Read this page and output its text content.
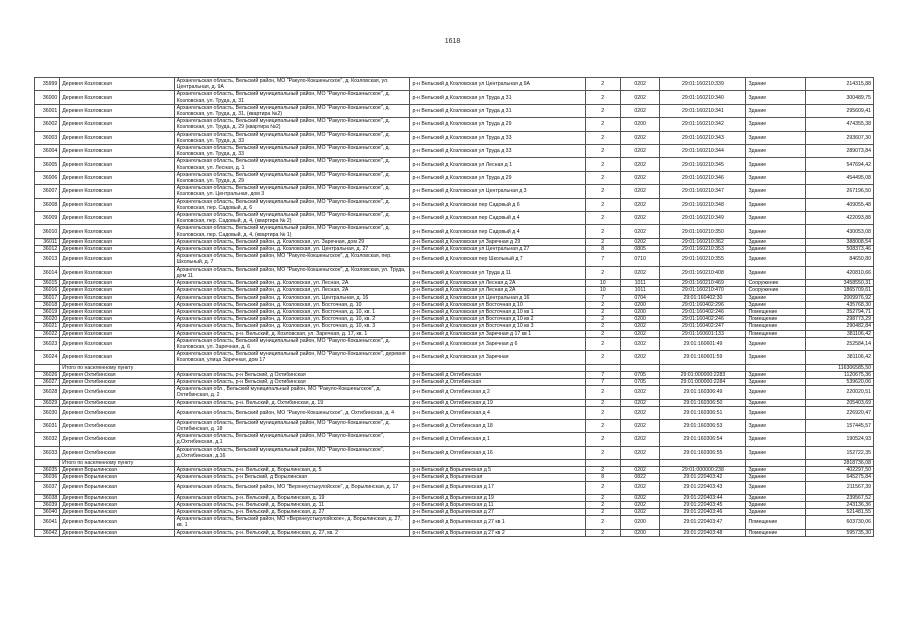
1618
35999	Деревня Козловская	Архангельская область, Вельский район, МО "Ракуло-Кокшеньгское", д. Козловская, ул. Центральная, д. 9А	р-н Вельский д Козловская ул Центральная д 9А	2	0202	29:01:160210:339	Здание	214315,88
36000	Деревня Козловская	Архангельская область, Вельский муниципальный район, МО "Ракуло-Кокшеньгское", д. Козловская, ул. Труда, д. 31	р-н Вельский д Козловская ул Труда д 31	2	0202	29:01:160210:340	Здание	300489,75
36001	Деревня Козловская	Архангельская область, Вельский муниципальный район, МО "Ракуло-Кокшеньгское", д. Козловская, ул. Труда, д. 31, (квартира №2)	р-н Вельский д Козловская ул Труда д 31	2	0202	29:01:160210:341	Здание	295609,41
36002	Деревня Козловская	Архангельская область, Вельский муниципальный район, МО "Ракуло-Кокшеньгское", д. Козловская, ул. Труда, д. 29 (квартира №2)	р-н Вельский д Козловская ул Труда д 29	2	0200	29:01:160210:342	Здание	474355,38
36003	Деревня Козловская	Архангельская область, Вельский муниципальный район, МО "Ракуло-Кокшеньгское", д. Козловская, ул. Труда, д. 33	р-н Вельский д Козловская ул Труда д 33	2	0202	29:01:160210:343	Здание	293607,30
36004	Деревня Козловская	Архангельская область, Вельский муниципальный район, МО "Ракуло-Кокшеньгское", д. Козловская, ул. Труда, д. 33	р-н Вельский д Козловская ул Труда д 33	2	0202	29:01:160210:344	Здание	289073,84
36005	Деревня Козловская	Архангельская область, Вельский муниципальный район, МО "Ракуло-Кокшеньгское", д. Козловская, ул. Лесная, д. 1	р-н Вельский д Козловская ул Лесная д 1	2	0202	29:01:160210:345	Здание	547694,42
36006	Деревня Козловская	Архангельская область, Вельский муниципальный район, МО "Ракуло-Кокшеньгское", д. Козловская, ул. Труда, д. 29	р-н Вельский д Козловская ул Труда д 29	2	0202	29:01:160210:346	Здание	454495,08
36007	Деревня Козловская	Архангельская область, Вельский муниципальный район, МО "Ракуло-Кокшеньгское", д. Козловская, ул. Центральная, дом 3	р-н Вельский д Козловская ул Центральная д 3	2	0202	29:01:160210:347	Здание	267196,50
36008	Деревня Козловская	Архангельская область, Вельский муниципальный район, МО "Ракуло-Кокшеньгское", д. Козловская, пер. Садовый, д. 6	р-н Вельский д Козловская пер Садовый д 6	2	0202	29:01:160210:348	Здание	409055,48
36009	Деревня Козловская	Архангельская область, Вельский муниципальный район, МО "Ракуло-Кокшеньгское", д. Козловская, пер. Садовый, д. 4, (квартира № 2)	р-н Вельский д Козловская пер Садовый д 4	2	0202	29:01:160210:349	Здание	422093,88
36010	Деревня Козловская	Архангельская область, Вельский муниципальный район, МО "Ракуло-Кокшеньгское", д. Козловская, пер. Садовый, д. 4, (квартира № 1)	р-н Вельский д Козловская пер Садовый д 4	2	0202	29:01:160210:350	Здание	430053,08
36011	Деревня Козловская	Архангельская область, Вельский район, д. Козловская, ул. Заречная, дом 29	р-н Вельский д Козловская ул Заречная д 29	2	0202	29:01:160210:362	Здание	388008,54
36012	Деревня Козловская	Архангельская область, Вельский район, д. Козловская, ул. Центральная, д. 27	р-н Вельский д Козловская ул Центральная д 27	8	0805	29:01:160210:353	Здание	508373,46
36013	Деревня Козловская	Архангельская область, Вельский район, МО "Ракуло-Кокшеньгское", д. Козловская, пер. Школьный, д. 7	р-н Вельский д Козловская пер Школьный д 7	7	0710	29:01:160210:355	Здание	84650,80
36014	Деревня Козловская	Архангельская область, Вельский район, МО "Ракуло-Кокшеньгское", д. Козловская, ул. Труда, дом 11	р-н Вельский д Козловская ул Труда д 11	2	0202	29:01:160210:408	Здание	420810,66
36015	Деревня Козловская	Архангельская область, Вельский район, д. Козловская, ул. Лесная, 2А	р-н Вельский д Козловская ул Лесная д 2А	10	1011	29:01:160210:469	Сооружение	3458550,31
36016	Деревня Козловская	Архангельская область, Вельский район, д. Козловская, ул. Лесная, 2А	р-н Вельский д Козловская ул Лесная д 2А	10	1011	29:01:160210:470	Сооружение	1865709,61
36017	Деревня Козловская	Архангельская область, Вельский район, д. Козловская, ул. Центральная, д. 16	р-н Вельский д Козловская ул Центральная д 16	7	0704	29:01:160402:30	Здание	2009976,92
36018	Деревня Козловская	Архангельская область, Вельский район, д. Козловская, ул. Восточная, д. 10	р-н Вельский д Козловская ул Восточная д 10	2	0200	29:01:160402:296	Здание	435768,30
36019	Деревня Козловская	Архангельская область, Вельский район, д. Козловская, ул. Восточная, д. 10, кв. 1	р-н Вельский д Козловская ул Восточная д 10 кв 1	2	0200	29:01:160402:246	Помещение	352794,71
36020	Деревня Козловская	Архангельская область, Вельский район, д. Козловская, ул. Восточная, д. 10, кв. 2	р-н Вельский д Козловская ул Восточная д 10 кв 2	2	0200	29:01:160402:246	Помещение	298773,29
36021	Деревня Козловская	Архангельская область, Вельский район, д. Козловская, ул. Восточная, д. 10, кв. 3	р-н Вельский д Козловская ул Восточная д 10 кв 3	2	0202	29:01:160402:247	Помещение	290482,84
36022	Деревня Козловская	Архангельская область, р-н. Вельский, д. Козловская, ул. Заречная, д. 17, кв. 1	р-н Вельский д Козловская ул Заречная д 17 кв 1	2	0202	29:01:160601:133	Помещение	381106,42
36023	Деревня Козловская	Архангельская область, Вельский муниципальный район, МО "Ракуло-Кокшеньгское", д. Козловская, ул. Заречная, д. 6	р-н Вельский д Козловская ул Заречная д 6	2	0202	29:01:160601:49	Здание	252584,14
36024	Деревня Козловская	Архангельская область, Вельский муниципальный район, МО "Ракуло-Кокшеньгское", деревня Козловская, улица Заречная, дом 17	р-н Вельский д Козловская ул Заречная	2	0202	29:01:160601:59	Здание	381106,42
	Итого по населенному пункту							116306585,50
36026	Деревня Охтибинская	Архангельская область, р-н Вельский, д Охтибинская	р-н Вельский д Охтибинская	7	0705	29:01:000000:2283	Здание	1120675,36
36027	Деревня Охтибинская	Архангельская область, р-н Вельский, д Охтибинская	р-н Вельский д Охтибинская	7	0705	29:01:000000:2284	Здание	539620,06
36028	Деревня Охтибинская	Архангельская обл., Вельский муниципальный район, МО "Ракуло-Кокшеньгское", д. Охтибинская, д. 2	р-н Вельский д Охтибинская д 2	2	0202	29:01:160306:49	Здание	220020,51
36029	Деревня Охтибинская	Архангельская область, р-н. Вельский, д. Охтибинская, д. 19	р-н Вельский д Охтибинская д 19	2	0202	29:01:160306:50	Здание	205403,69
36030	Деревня Охтибинская	Архангельская область, Вельский район, МО "Ракуло-Кокшеньгское", д. Охтибинская, д. 4	р-н Вельский д Охтибинская д 4	2	0202	29:01:160306:51	Здание	226920,47
36031	Деревня Охтибинская	Архангельская область, Вельский муниципальный район, МО "Ракуло-Кокшеньгское", д. Охтибинская, д. 18	р-н Вельский д Охтибинская д 18	2	0202	29:01:160306:53	Здание	157445,57
36032	Деревня Охтибинская	Архангельская область, Вельский муниципальный район, МО "Ракуло-Кокшеньгское", д.Охтибинская, д.1	р-н Вельский д Охтибинская д 1	2	0202	29:01:160306:54	Здание	190524,93
36033	Деревня Охтибинская	Архангельская область, Вельский муниципальный район, МО "Ракуло-Кокшеньгское", д.Охтибинская, д.16	р-н Вельский д Охтибинская д 16	2	0202	29:01:160306:55	Здание	152722,35
	Итого по населенному пункту							2818736,08
36035	Деревня Ворылинская	Архангельская область, р-н. Вельский, д. Ворылинская, д. 5	р-н Вельский д Ворылинская д 5	2	0202	29:01:000000:238	Здание	402297,50
36036	Деревня Ворылинская	Архангельская область, р-н Вельский, д Ворылинская	р-н Вельский д Ворылинская	8	0822	29:01:220403:42	Здание	645275,84
36037	Деревня Ворылинская	Архангельская область, Вельский район, МО "Верхнеустькулойское", д. Ворылинская, д. 17	р-н Вельский д Ворылинская д 17	2	0202	29:01:220403:43	Здание	211567,39
36038	Деревня Ворылинская	Архангельская область, р-н. Вельский, д. Ворылинская, д. 19	р-н Вельский д Ворылинская д 19	2	0202	29:01:220403:44	Здание	239567,52
36039	Деревня Ворылинская	Архангельская область, р-н. Вельский, д. Ворылинская, д. 11	р-н Вельский д Ворылинская д 11	2	0202	29:01:220403:45	Здание	243136,36
36040	Деревня Ворылинская	Архангельская область, р-н. Вельский, д. Ворылинская, д. 27	р-н Вельский д Ворылинская д 27	2	0202	29:01:220403:46	Здание	521481,55
36041	Деревня Ворылинская	Архангельская область, Вельский район, МО «Верхнеустькулойское», д. Ворылинская, д. 27, кв. 1	р-н Вельский д Ворылинская д 27 кв 1	2	0200	29:01:220403:47	Помещение	603730,06
36042	Деревня Ворылинская	Архангельская область, р-н. Вельский, д. Ворылинская, д. 27, кв. 2	р-н Вельский д Ворылинская д 27 кв 2	2	0200	29:01:220403:48	Помещение	595735,30
